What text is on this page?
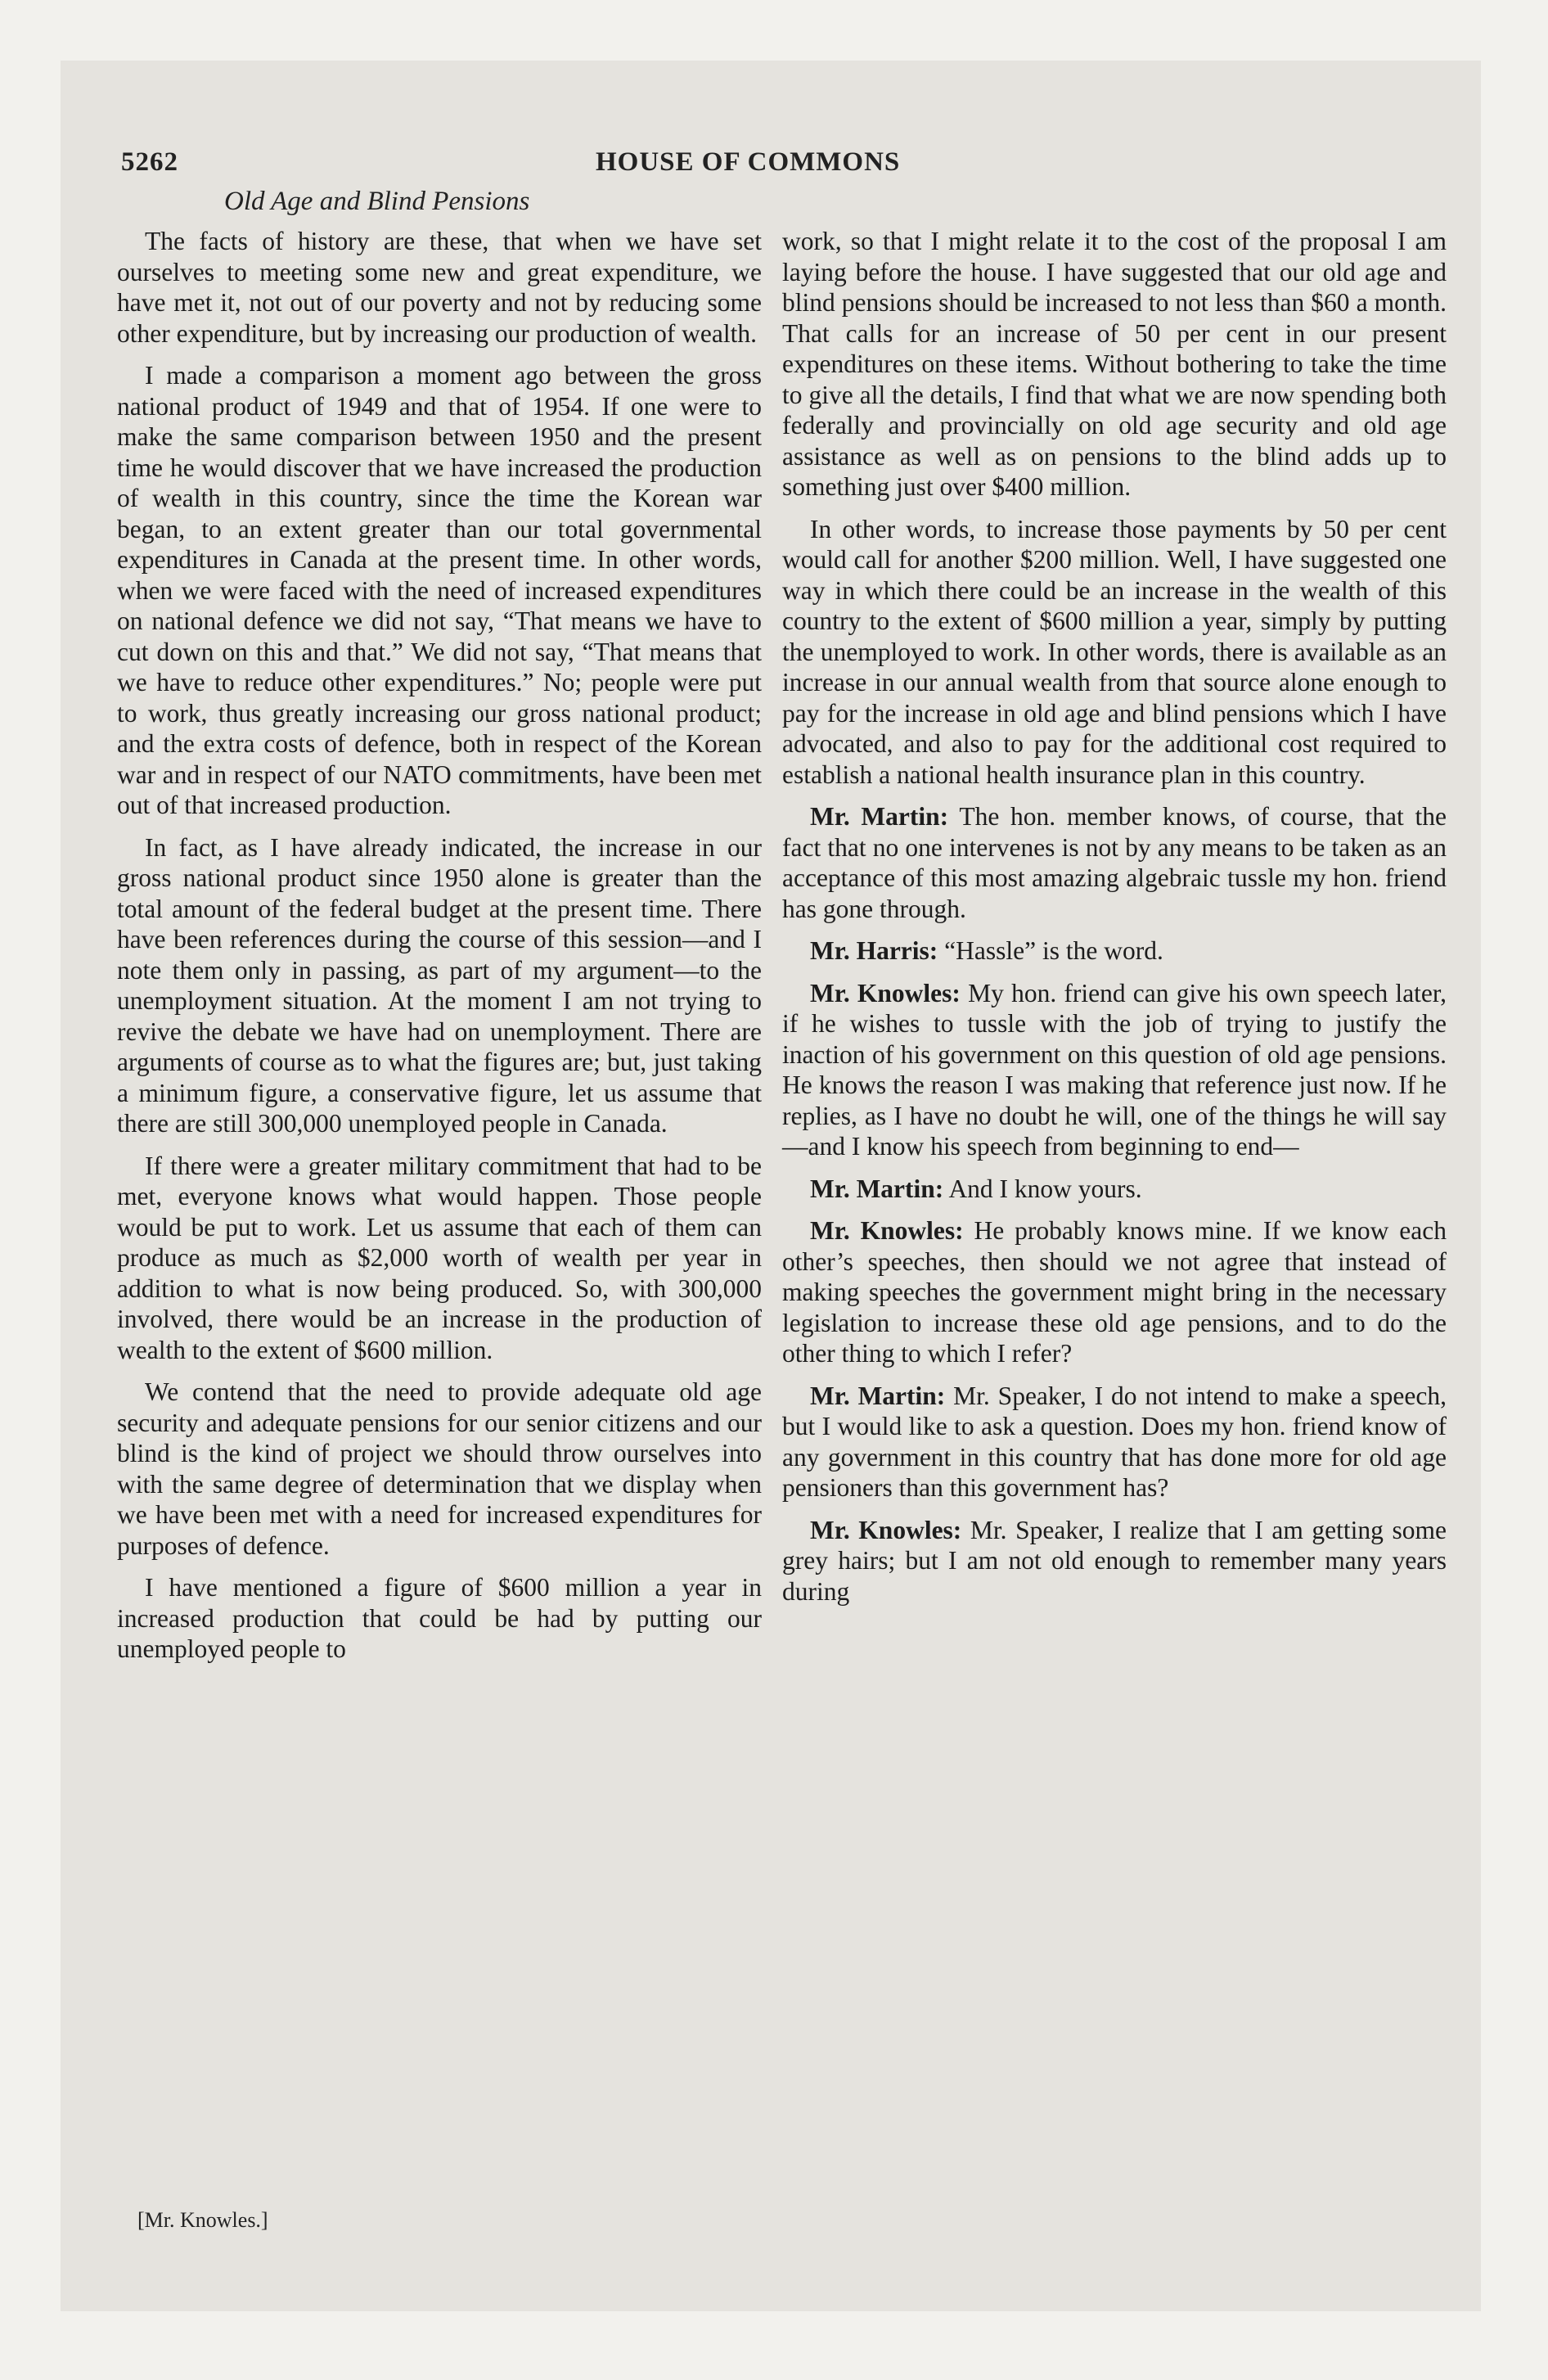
5262	HOUSE OF COMMONS
Old Age and Blind Pensions

The facts of history are these, that when we have set ourselves to meeting some new and great expenditure, we have met it, not out of our poverty and not by reducing some other expenditure, but by increasing our production of wealth.

I made a comparison a moment ago between the gross national product of 1949 and that of 1954. If one were to make the same comparison between 1950 and the present time he would discover that we have increased the production of wealth in this country, since the time the Korean war began, to an extent greater than our total governmental expenditures in Canada at the present time. In other words, when we were faced with the need of increased expenditures on national defence we did not say, “That means we have to cut down on this and that.” We did not say, “That means that we have to reduce other expenditures.” No; people were put to work, thus greatly increasing our gross national product; and the extra costs of defence, both in respect of the Korean war and in respect of our NATO commitments, have been met out of that increased production.

In fact, as I have already indicated, the increase in our gross national product since 1950 alone is greater than the total amount of the federal budget at the present time. There have been references during the course of this session—and I note them only in passing, as part of my argument—to the unemployment situation. At the moment I am not trying to revive the debate we have had on unemployment. There are arguments of course as to what the figures are; but, just taking a minimum figure, a conservative figure, let us assume that there are still 300,000 unemployed people in Canada.

If there were a greater military commitment that had to be met, everyone knows what would happen. Those people would be put to work. Let us assume that each of them can produce as much as $2,000 worth of wealth per year in addition to what is now being produced. So, with 300,000 involved, there would be an increase in the production of wealth to the extent of $600 million.

We contend that the need to provide adequate old age security and adequate pensions for our senior citizens and our blind is the kind of project we should throw ourselves into with the same degree of determination that we display when we have been met with a need for increased expenditures for purposes of defence.

I have mentioned a figure of $600 million a year in increased production that could be had by putting our unemployed people to

work, so that I might relate it to the cost of the proposal I am laying before the house. I have suggested that our old age and blind pensions should be increased to not less than $60 a month. That calls for an increase of 50 per cent in our present expenditures on these items. Without bothering to take the time to give all the details, I find that what we are now spending both federally and provincially on old age security and old age assistance as well as on pensions to the blind adds up to something just over $400 million.

In other words, to increase those payments by 50 per cent would call for another $200 million. Well, I have suggested one way in which there could be an increase in the wealth of this country to the extent of $600 million a year, simply by putting the unemployed to work. In other words, there is available as an increase in our annual wealth from that source alone enough to pay for the increase in old age and blind pensions which I have advocated, and also to pay for the additional cost required to establish a national health insurance plan in this country.

Mr. Martin: The hon. member knows, of course, that the fact that no one intervenes is not by any means to be taken as an acceptance of this most amazing algebraic tussle my hon. friend has gone through.

Mr. Harris: “Hassle” is the word.

Mr. Knowles: My hon. friend can give his own speech later, if he wishes to tussle with the job of trying to justify the inaction of his government on this question of old age pensions. He knows the reason I was making that reference just now. If he replies, as I have no doubt he will, one of the things he will say—and I know his speech from beginning to end—

Mr. Martin: And I know yours.

Mr. Knowles: He probably knows mine. If we know each other’s speeches, then should we not agree that instead of making speeches the government might bring in the necessary legislation to increase these old age pensions, and to do the other thing to which I refer?

Mr. Martin: Mr. Speaker, I do not intend to make a speech, but I would like to ask a question. Does my hon. friend know of any government in this country that has done more for old age pensioners than this government has?

Mr. Knowles: Mr. Speaker, I realize that I am getting some grey hairs; but I am not old enough to remember many years during

[Mr. Knowles.]
